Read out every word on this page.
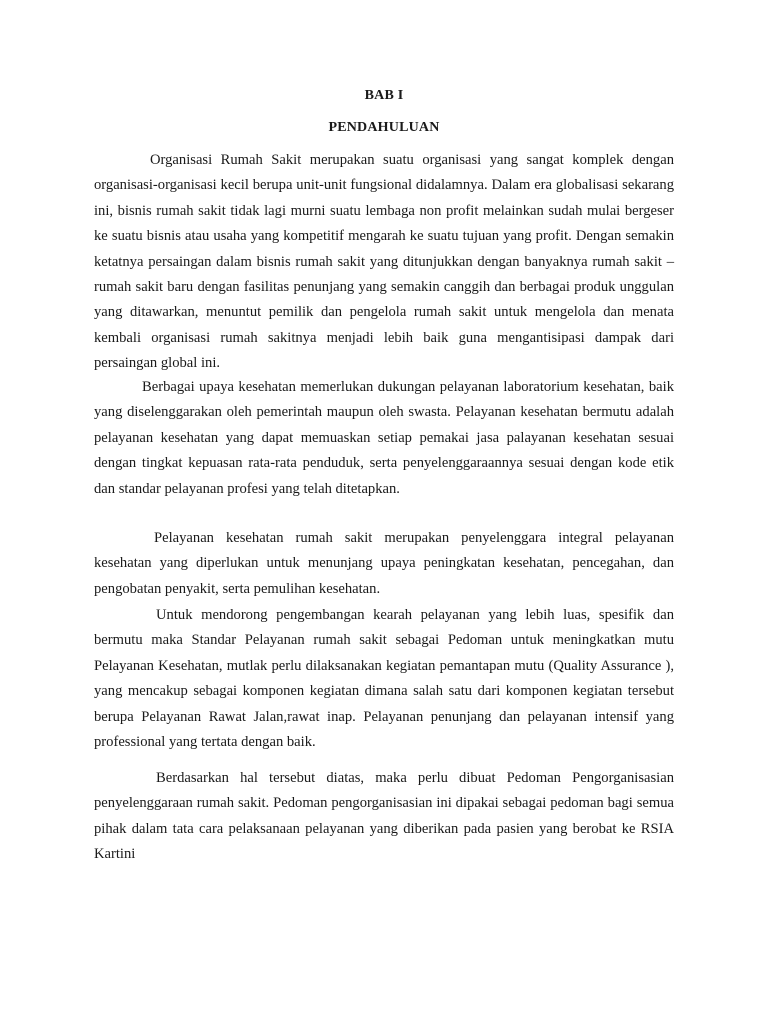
BAB I
PENDAHULUAN

Organisasi Rumah Sakit merupakan suatu organisasi yang sangat komplek dengan organisasi-organisasi kecil berupa unit-unit fungsional didalamnya. Dalam era globalisasi sekarang ini, bisnis rumah sakit tidak lagi murni suatu lembaga non profit melainkan sudah mulai bergeser ke suatu bisnis atau usaha yang kompetitif mengarah ke suatu tujuan yang profit. Dengan semakin ketatnya persaingan dalam bisnis rumah sakit yang ditunjukkan dengan banyaknya rumah sakit – rumah sakit baru dengan fasilitas penunjang yang semakin canggih dan berbagai produk unggulan yang ditawarkan, menuntut pemilik dan pengelola rumah sakit untuk mengelola dan menata kembali organisasi rumah sakitnya menjadi lebih baik guna mengantisipasi dampak dari persaingan global ini.

Berbagai upaya kesehatan memerlukan dukungan pelayanan laboratorium kesehatan, baik yang diselenggarakan oleh pemerintah maupun oleh swasta. Pelayanan kesehatan bermutu adalah pelayanan kesehatan yang dapat memuaskan setiap pemakai jasa palayanan kesehatan sesuai dengan tingkat kepuasan rata-rata penduduk, serta penyelenggaraannya sesuai dengan kode etik dan standar pelayanan profesi yang telah ditetapkan.

Pelayanan kesehatan rumah sakit merupakan penyelenggara integral pelayanan kesehatan yang diperlukan untuk menunjang upaya peningkatan kesehatan, pencegahan, dan pengobatan penyakit, serta pemulihan kesehatan.

Untuk mendorong pengembangan kearah pelayanan yang lebih luas, spesifik dan bermutu maka Standar Pelayanan rumah sakit sebagai Pedoman untuk meningkatkan mutu Pelayanan Kesehatan, mutlak perlu dilaksanakan kegiatan pemantapan mutu (Quality Assurance ), yang mencakup sebagai komponen kegiatan dimana salah satu dari komponen kegiatan tersebut berupa Pelayanan Rawat Jalan,rawat inap. Pelayanan penunjang dan pelayanan intensif yang professional yang tertata dengan baik.

Berdasarkan hal tersebut diatas, maka perlu dibuat Pedoman Pengorganisasian penyelenggaraan rumah sakit. Pedoman pengorganisasian ini dipakai sebagai pedoman bagi semua pihak dalam tata cara pelaksanaan pelayanan yang diberikan pada pasien yang berobat ke RSIA Kartini
